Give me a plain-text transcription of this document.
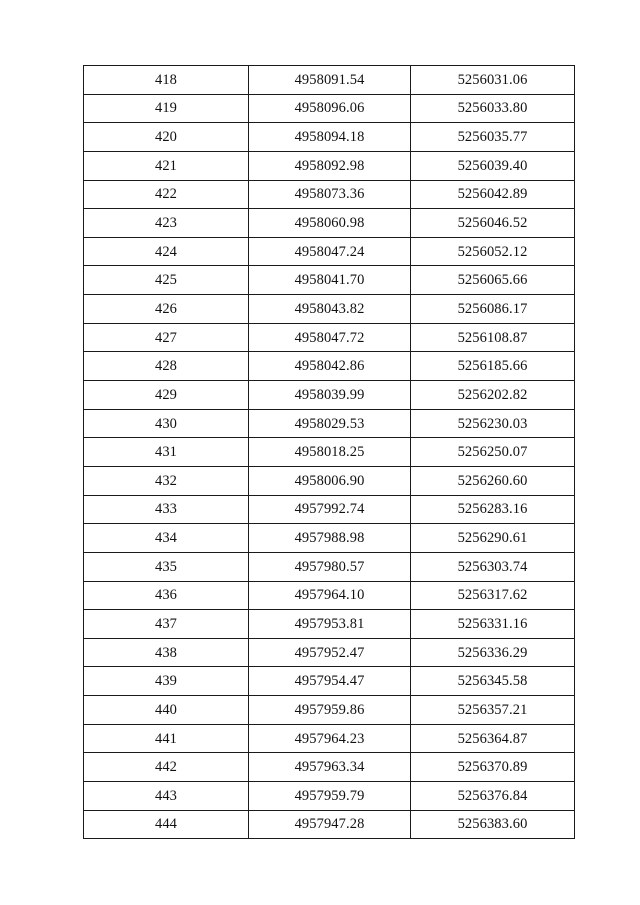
418	4958091.54	5256031.06
419	4958096.06	5256033.80
420	4958094.18	5256035.77
421	4958092.98	5256039.40
422	4958073.36	5256042.89
423	4958060.98	5256046.52
424	4958047.24	5256052.12
425	4958041.70	5256065.66
426	4958043.82	5256086.17
427	4958047.72	5256108.87
428	4958042.86	5256185.66
429	4958039.99	5256202.82
430	4958029.53	5256230.03
431	4958018.25	5256250.07
432	4958006.90	5256260.60
433	4957992.74	5256283.16
434	4957988.98	5256290.61
435	4957980.57	5256303.74
436	4957964.10	5256317.62
437	4957953.81	5256331.16
438	4957952.47	5256336.29
439	4957954.47	5256345.58
440	4957959.86	5256357.21
441	4957964.23	5256364.87
442	4957963.34	5256370.89
443	4957959.79	5256376.84
444	4957947.28	5256383.60
